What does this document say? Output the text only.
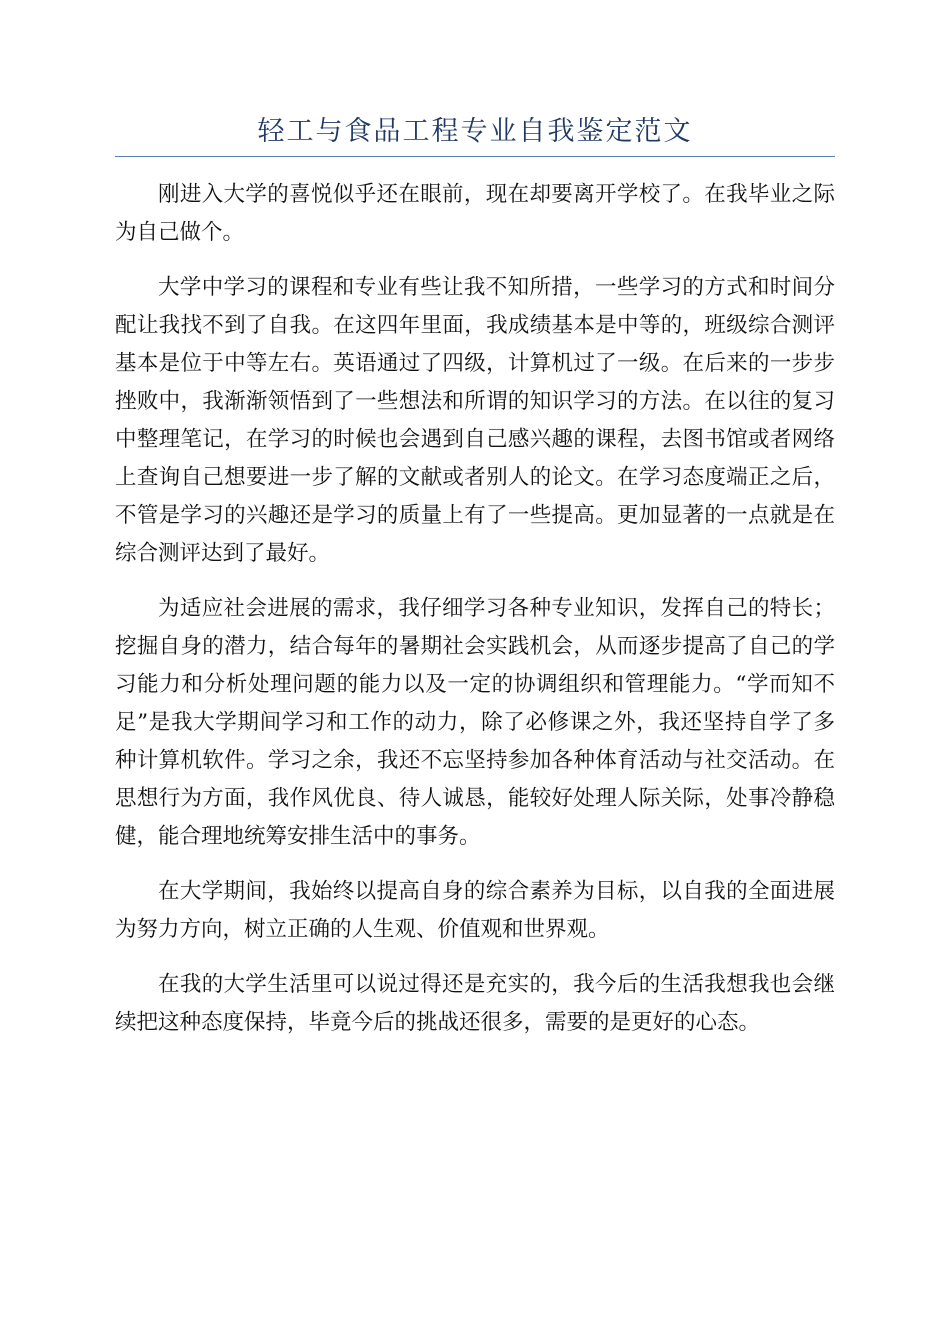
轻工与食品工程专业自我鉴定范文

刚进入大学的喜悦似乎还在眼前，现在却要离开学校了。在我毕业之际为自己做个。

大学中学习的课程和专业有些让我不知所措，一些学习的方式和时间分配让我找不到了自我。在这四年里面，我成绩基本是中等的，班级综合测评基本是位于中等左右。英语通过了四级，计算机过了一级。在后来的一步步挫败中，我渐渐领悟到了一些想法和所谓的知识学习的方法。在以往的复习中整理笔记，在学习的时候也会遇到自己感兴趣的课程，去图书馆或者网络上查询自己想要进一步了解的文献或者别人的论文。在学习态度端正之后，不管是学习的兴趣还是学习的质量上有了一些提高。更加显著的一点就是在综合测评达到了最好。

为适应社会进展的需求，我仔细学习各种专业知识，发挥自己的特长；挖掘自身的潜力，结合每年的暑期社会实践机会，从而逐步提高了自己的学习能力和分析处理问题的能力以及一定的协调组织和管理能力。“学而知不足”是我大学期间学习和工作的动力，除了必修课之外，我还坚持自学了多种计算机软件。学习之余，我还不忘坚持参加各种体育活动与社交活动。在思想行为方面，我作风优良、待人诚恳，能较好处理人际关际，处事冷静稳健，能合理地统筹安排生活中的事务。

在大学期间，我始终以提高自身的综合素养为目标，以自我的全面进展为努力方向，树立正确的人生观、价值观和世界观。

在我的大学生活里可以说过得还是充实的，我今后的生活我想我也会继续把这种态度保持，毕竟今后的挑战还很多，需要的是更好的心态。
